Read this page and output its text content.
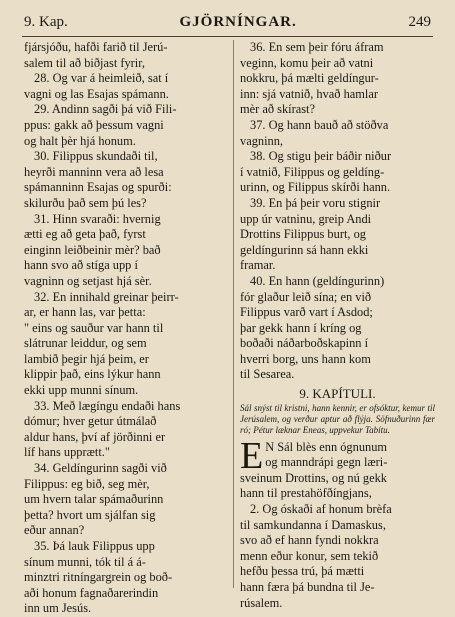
9. Kap.	GJÖRNÍNGAR.	249
fjársjóðu, hafði farið til Jerú-
salem til að biðjast fyrir,
28. Og var á heimleið, sat í
vagni og las Esajas spámann.
29. Andinn sagði þá við Fili-
ppus: gakk að þessum vagni
og halt þèr hjá honum.
30. Filippus skundaði til,
heyrði manninn vera að lesa
spámanninn Esajas og spurði:
skilurðu það sem þú les?
31. Hinn svaraði: hvernig
ætti eg að geta það, fyrst
einginn leiðbeinir mèr? bað
hann svo að stíga upp í
vagninn og setjast hjá sèr.
32. En innihald greinar þeirr-
ar, er hann las, var þetta:
" eins og sauður var hann til
slátrunar leiddur, og sem
lambið þegir hjá þeim, er
klippir það, eins lýkur hann
ekki upp munni sínum.
33. Með lægíngu endaði hans
dómur; hver getur útmálað
aldur hans, því af jörðinni er
líf hans upprætt."
34. Geldíngurinn sagði við
Filippus: eg bið, seg mèr,
um hvern talar spámaðurinn
þetta? hvort um sjálfan sig
eður annan?
35. Þá lauk Filippus upp
sínum munni, tók til á á-
minztri ritníngargrein og boð-
aði honum fagnaðarerindin
inn um Jesús.
36. En sem þeir fóru áfram
veginn, komu þeir að vatni
nokkru, þá mælti geldíngur-
inn: sjá vatnið, hvað hamlar
mèr að skírast?
37. Og hann bauð að stöðva
vagninn,
38. Og stigu þeir báðir niður
í vatnið, Filippus og geldíng-
urinn, og Filippus skírði hann.
39. En þá þeir voru stignir
upp úr vatninu, greip Andi
Drottins Filippus burt, og
geldíngurinn sá hann ekki
framar.
40. En hann (geldíngurinn)
fór glaður leið sína; en við
Filippus varð vart í Asdod;
þar gekk hann í kríng og
boðaði náðarboðskapinn í
hverri borg, uns hann kom
til Sesarea.
9. KAPÍTULI.
Sál snýst til kristni, hann kennir, er ofsóktur, kemur til Jerúsalem, og verður aptur að flýja. Söfnuðurinn fær ró; Pétur læknar Eneas, uppvekur Tabítu.
E N Sál blès enn ógnunum
og manndrápi gegn læri-
sveinum Drottins, og nú gekk
hann til prestahöfðíngjans,
2. Og óskaði af honum brèfa
til samkundanna í Damaskus,
svo að ef hann fyndi nokkra
menn eður konur, sem tekið
hefðu þessa trú, þá mætti
hann færa þá bundna til Je-
rúsalem.
